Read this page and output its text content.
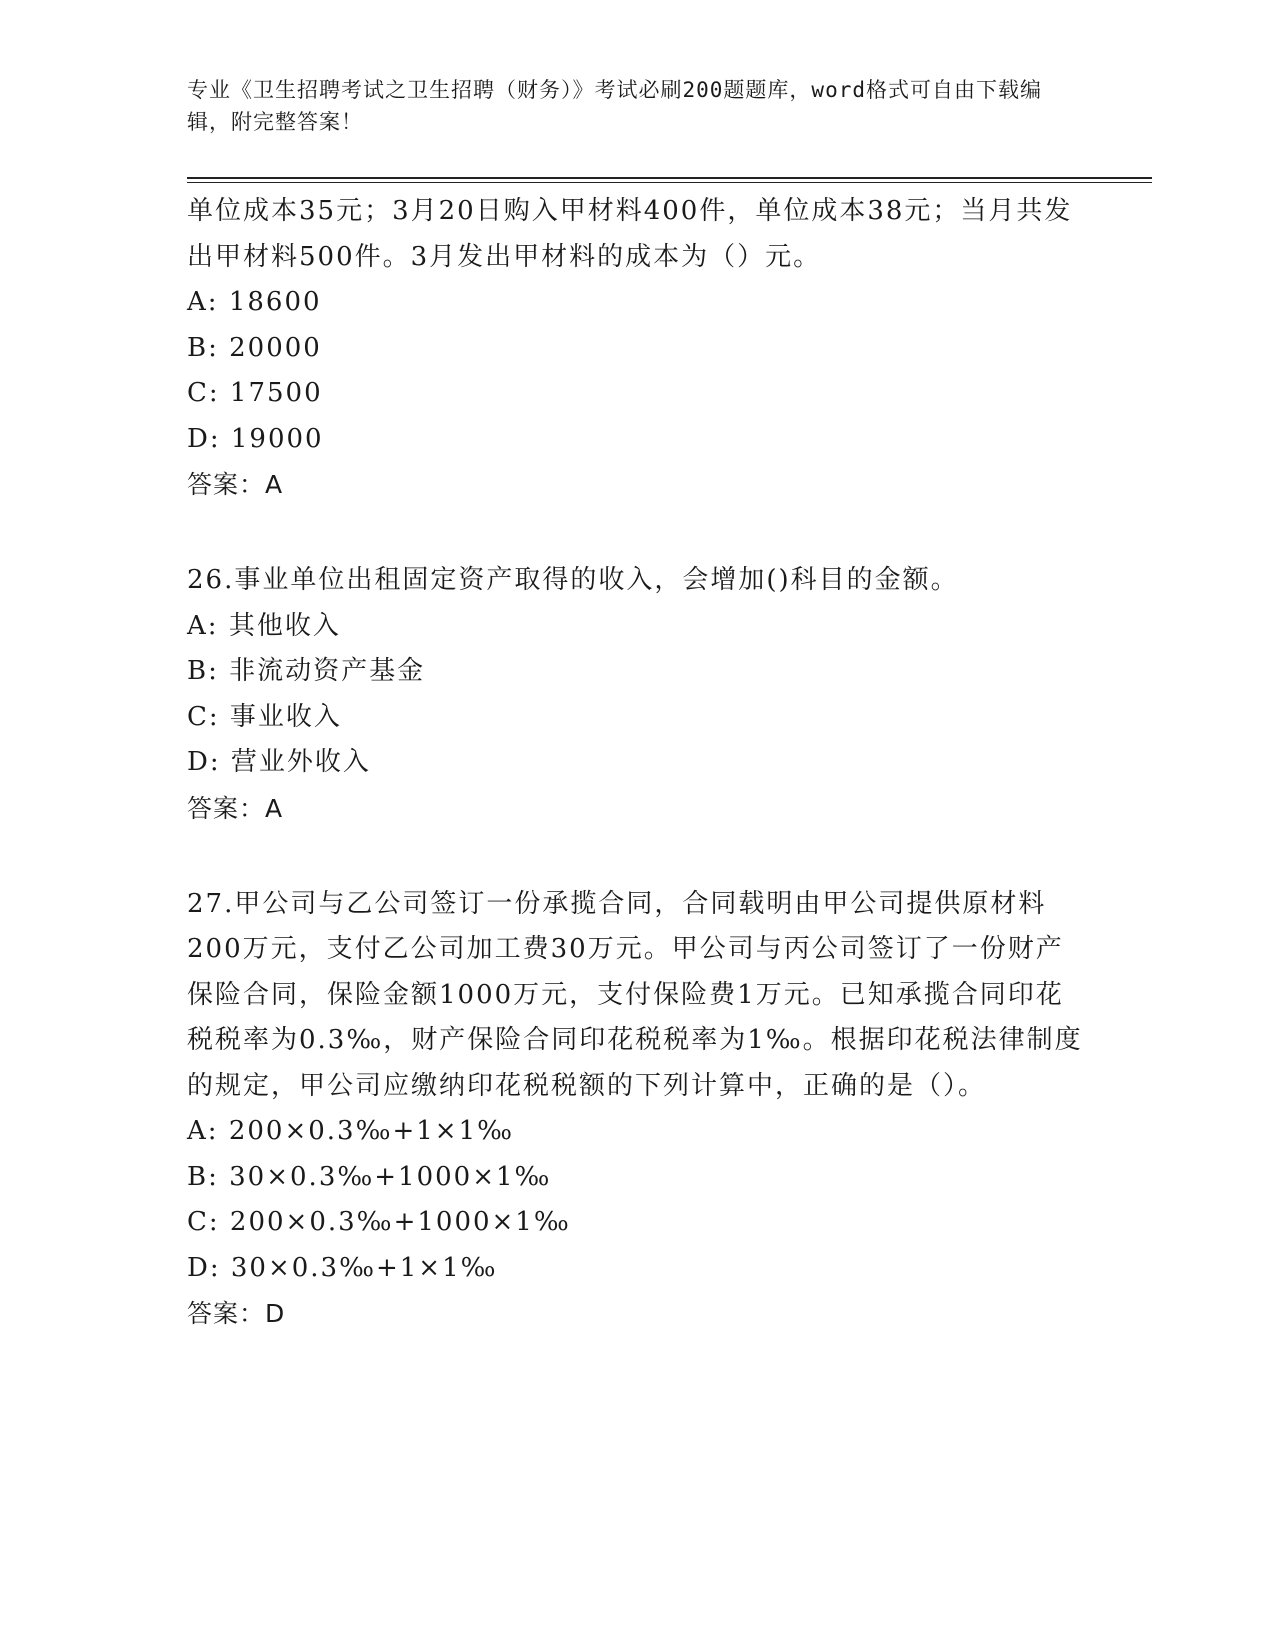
专业《卫生招聘考试之卫生招聘（财务）》考试必刷200题题库，word格式可自由下载编辑，附完整答案！

单位成本35元；3月20日购入甲材料400件，单位成本38元；当月共发出甲材料500件。3月发出甲材料的成本为（）元。

A: 18600

B: 20000

C: 17500

D: 19000

答案：A

26.事业单位出租固定资产取得的收入，会增加()科目的金额。

A: 其他收入

B: 非流动资产基金

C: 事业收入

D: 营业外收入

答案：A

27.甲公司与乙公司签订一份承揽合同，合同载明由甲公司提供原材料200万元，支付乙公司加工费30万元。甲公司与丙公司签订了一份财产保险合同，保险金额1000万元，支付保险费1万元。已知承揽合同印花税税率为0.3‰，财产保险合同印花税税率为1‰。根据印花税法律制度的规定，甲公司应缴纳印花税税额的下列计算中，正确的是（）。

A: 200×0.3‰+1×1‰

B: 30×0.3‰+1000×1‰

C: 200×0.3‰+1000×1‰

D: 30×0.3‰+1×1‰

答案：D
